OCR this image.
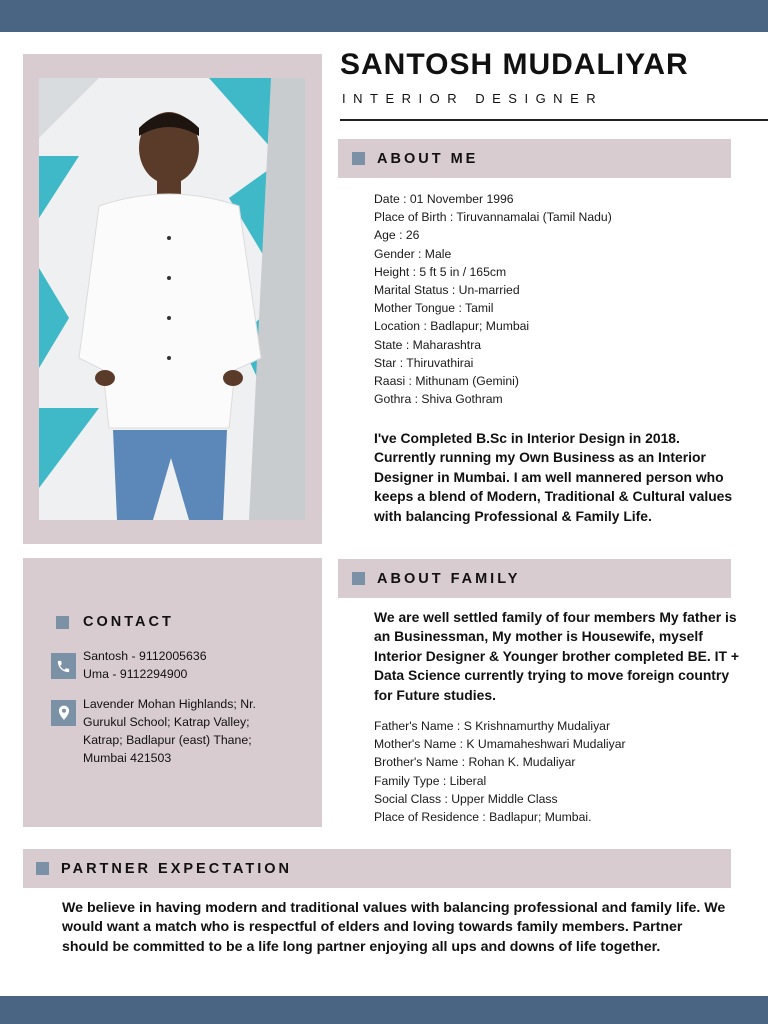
SANTOSH MUDALIYAR
INTERIOR DESIGNER
ABOUT ME
Date : 01 November 1996
Place of Birth : Tiruvannamalai (Tamil Nadu)
Age : 26
Gender : Male
Height : 5 ft 5 in / 165cm
Marital Status : Un-married
Mother Tongue : Tamil
Location : Badlapur; Mumbai
State : Maharashtra
Star : Thiruvathirai
Raasi : Mithunam (Gemini)
Gothra : Shiva Gothram

I've Completed B.Sc in Interior Design in 2018. Currently running my Own Business as an Interior Designer in Mumbai. I am well mannered person who keeps a blend of Modern, Traditional & Cultural values with balancing Professional & Family Life.

ABOUT FAMILY

We are well settled family of four members My father is an Businessman, My mother is Housewife, myself Interior Designer & Younger brother completed BE. IT + Data Science currently trying to move foreign country for Future studies.

Father's Name : S Krishnamurthy Mudaliyar
Mother's Name : K Umamaheshwari Mudaliyar
Brother's Name : Rohan K. Mudaliyar
Family Type : Liberal
Social Class : Upper Middle Class
Place of Residence : Badlapur; Mumbai.
CONTACT
Santosh - 9112005636
Uma - 9112294900
Lavender Mohan Highlands; Nr.
Gurukul School; Katrap Valley;
Katrap; Badlapur (east) Thane;
Mumbai 421503
PARTNER EXPECTATION

We believe in having modern and traditional values with balancing professional and family life. We would want a match who is respectful of elders and loving towards family members. Partner should be committed to be a life long partner enjoying all ups and downs of life together.
